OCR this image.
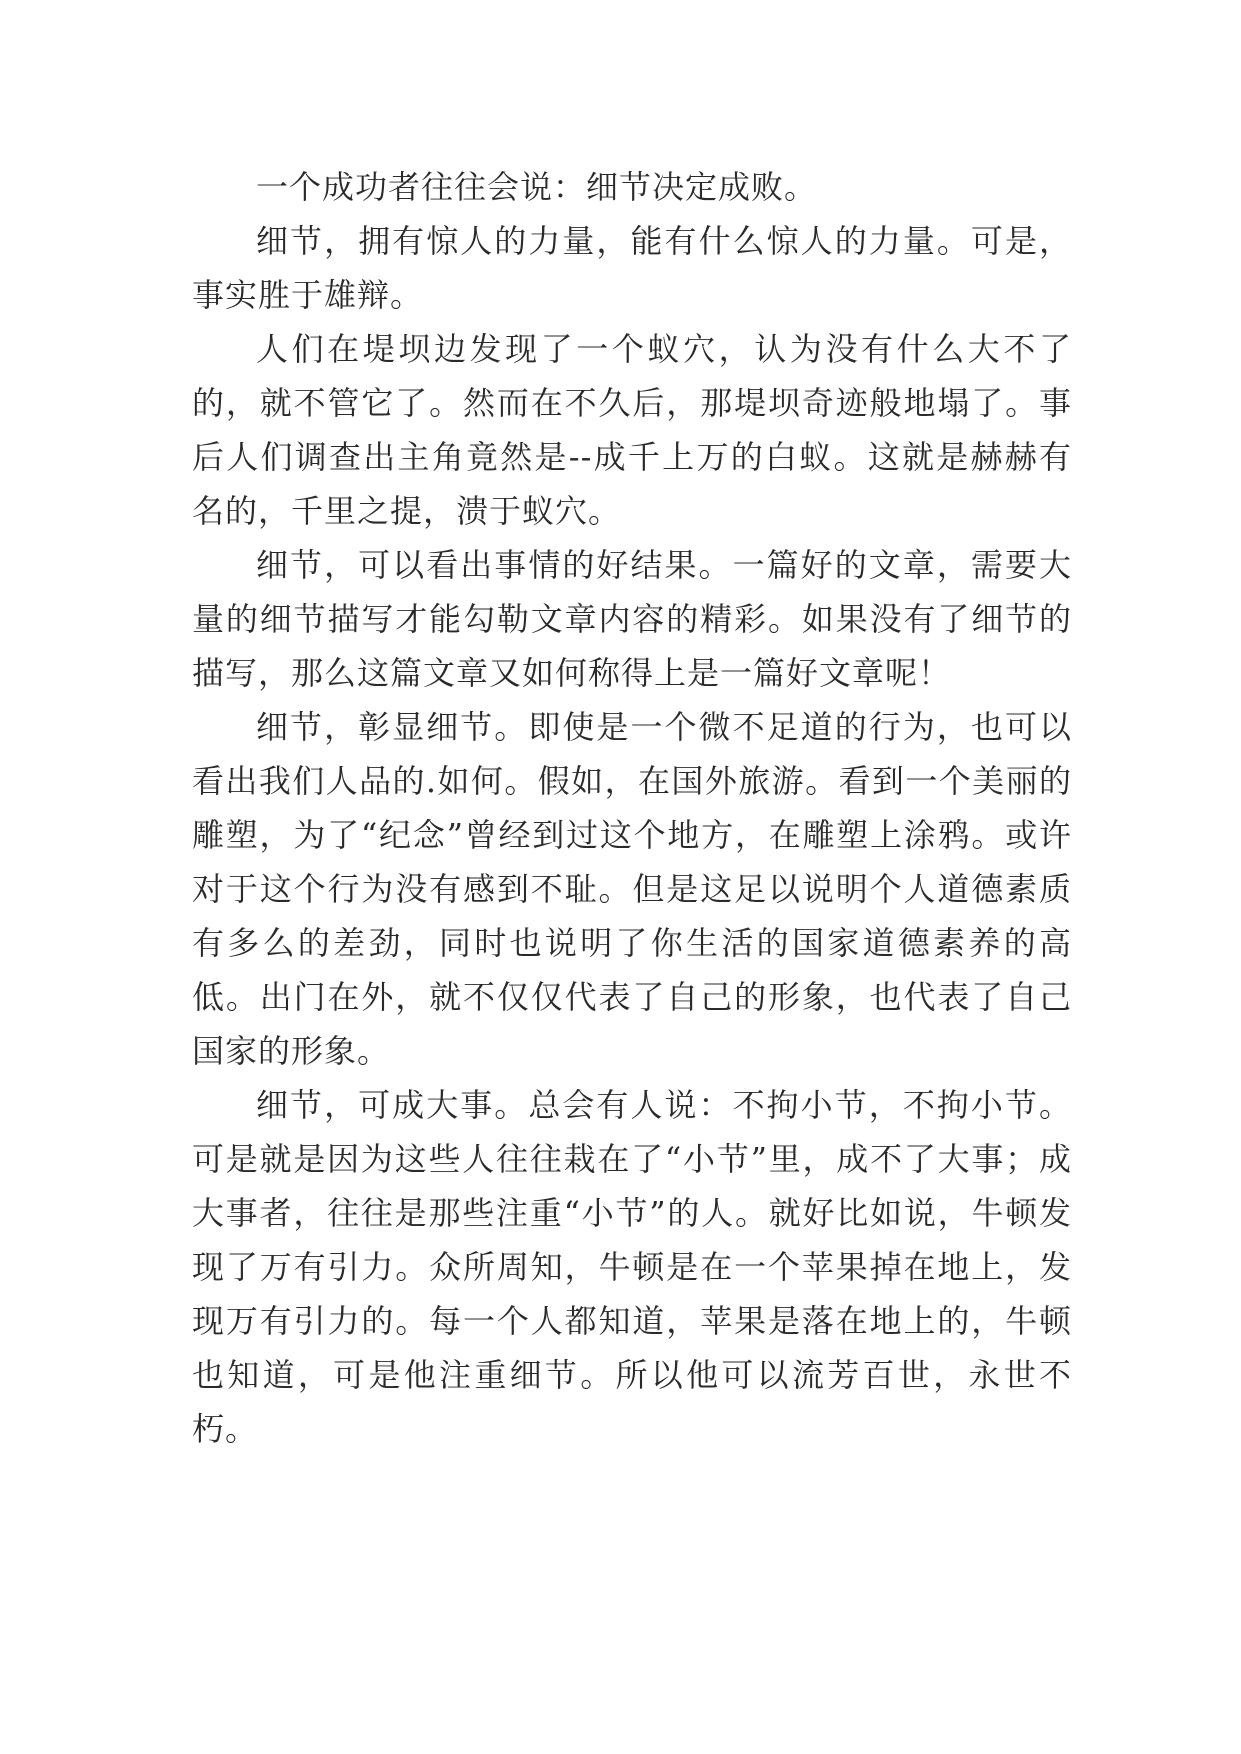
一个成功者往往会说：细节决定成败。

细节，拥有惊人的力量，能有什么惊人的力量。可是，事实胜于雄辩。

人们在堤坝边发现了一个蚁穴，认为没有什么大不了的，就不管它了。然而在不久后，那堤坝奇迹般地塌了。事后人们调查出主角竟然是--成千上万的白蚁。这就是赫赫有名的，千里之提，溃于蚁穴。

细节，可以看出事情的好结果。一篇好的文章，需要大量的细节描写才能勾勒文章内容的精彩。如果没有了细节的描写，那么这篇文章又如何称得上是一篇好文章呢！

细节，彰显细节。即使是一个微不足道的行为，也可以看出我们人品的.如何。假如，在国外旅游。看到一个美丽的雕塑，为了“纪念”曾经到过这个地方，在雕塑上涂鸦。或许对于这个行为没有感到不耻。但是这足以说明个人道德素质有多么的差劲，同时也说明了你生活的国家道德素养的高低。出门在外，就不仅仅代表了自己的形象，也代表了自己国家的形象。

细节，可成大事。总会有人说：不拘小节，不拘小节。可是就是因为这些人往往栽在了“小节”里，成不了大事；成大事者，往往是那些注重“小节”的人。就好比如说，牛顿发现了万有引力。众所周知，牛顿是在一个苹果掉在地上，发现万有引力的。每一个人都知道，苹果是落在地上的，牛顿也知道，可是他注重细节。所以他可以流芳百世，永世不朽。
